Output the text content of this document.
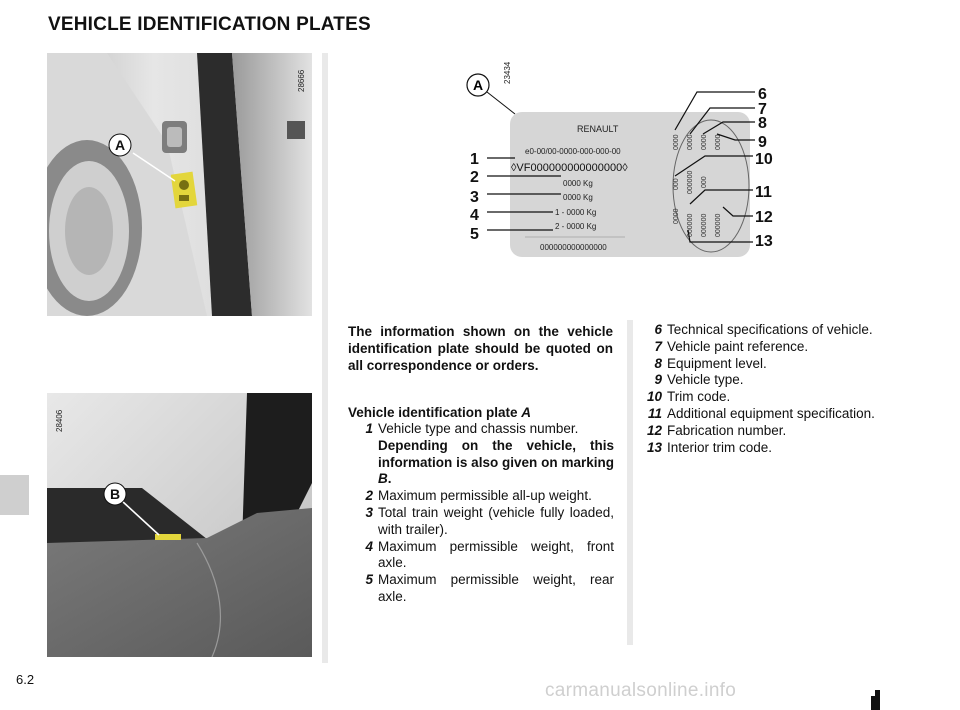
VEHICLE IDENTIFICATION PLATES
A
28666
B
28406
23434
A
RENAULT
e0-00/00-0000-000-000-00
◊VF000000000000000◊
0000 Kg
0000 Kg
1 - 0000 Kg
2 - 0000 Kg
000000000000000
0000 0000 0000 0000
000 000000 000
0000 000000 000000 000000
1
2
3
4
5
6
7
8
9
10
11
12
13
The information shown on the vehicle identification plate should be quoted on all correspondence or orders.
Vehicle identification plate A
1 Vehicle type and chassis number.
Depending on the vehicle, this information is also given on marking B.
2 Maximum permissible all-up weight.
3 Total train weight (vehicle fully loaded, with trailer).
4 Maximum permissible weight, front axle.
5 Maximum permissible weight, rear axle.
6 Technical specifications of vehicle.
7 Vehicle paint reference.
8 Equipment level.
9 Vehicle type.
10 Trim code.
11 Additional equipment specification.
12 Fabrication number.
13 Interior trim code.
6.2
carmanualsonline.info
